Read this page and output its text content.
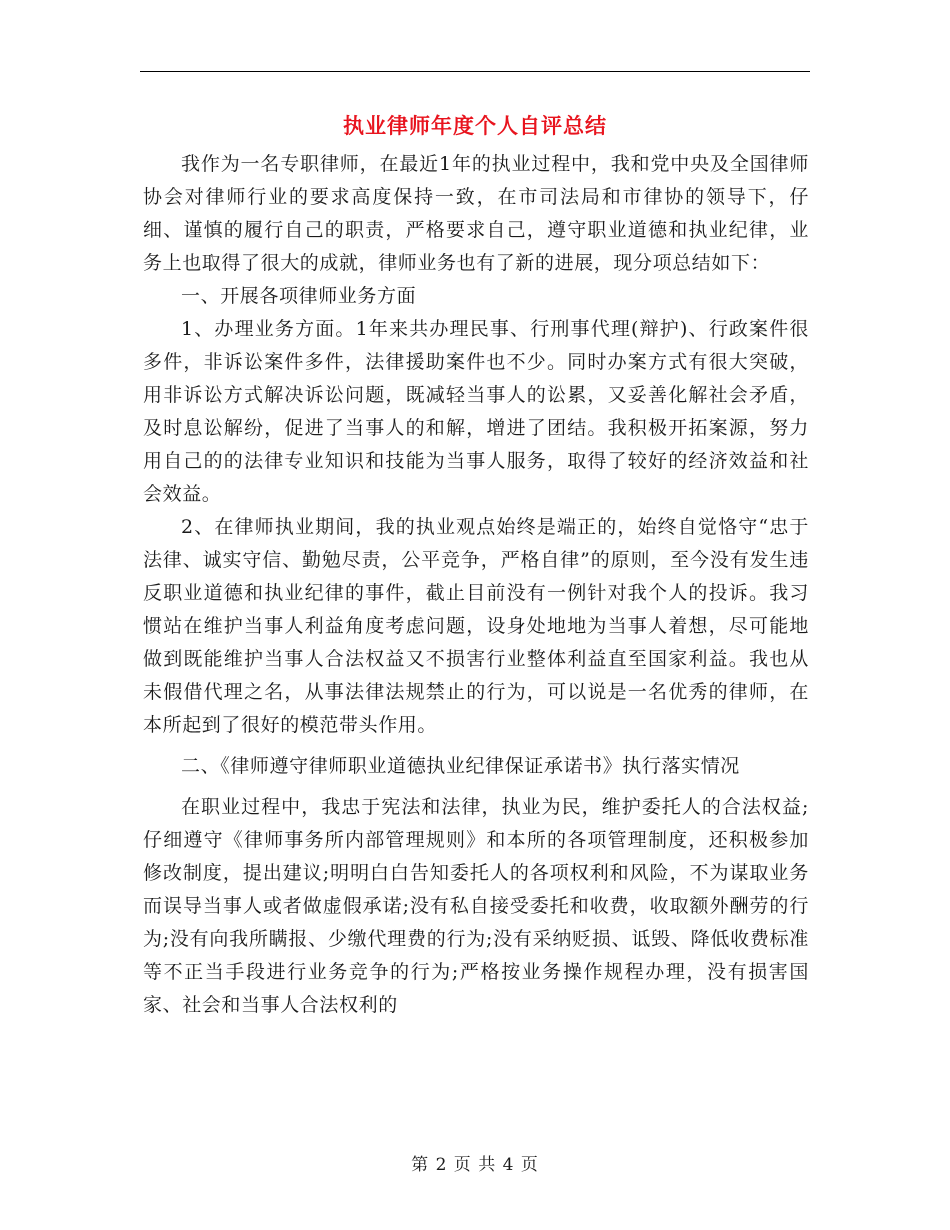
执业律师年度个人自评总结

我作为一名专职律师，在最近1年的执业过程中，我和党中央及全国律师协会对律师行业的要求高度保持一致，在市司法局和市律协的领导下，仔细、谨慎的履行自己的职责，严格要求自己，遵守职业道德和执业纪律，业务上也取得了很大的成就，律师业务也有了新的进展，现分项总结如下：

一、开展各项律师业务方面

1、办理业务方面。1年来共办理民事、行刑事代理(辩护)、行政案件很多件，非诉讼案件多件，法律援助案件也不少。同时办案方式有很大突破，用非诉讼方式解决诉讼问题，既减轻当事人的讼累，又妥善化解社会矛盾，及时息讼解纷，促进了当事人的和解，增进了团结。我积极开拓案源，努力用自己的的法律专业知识和技能为当事人服务，取得了较好的经济效益和社会效益。

2、在律师执业期间，我的执业观点始终是端正的，始终自觉恪守“忠于法律、诚实守信、勤勉尽责，公平竞争，严格自律”的原则，至今没有发生违反职业道德和执业纪律的事件，截止目前没有一例针对我个人的投诉。我习惯站在维护当事人利益角度考虑问题，设身处地地为当事人着想，尽可能地做到既能维护当事人合法权益又不损害行业整体利益直至国家利益。我也从未假借代理之名，从事法律法规禁止的行为，可以说是一名优秀的律师，在本所起到了很好的模范带头作用。

二、《律师遵守律师职业道德执业纪律保证承诺书》执行落实情况

在职业过程中，我忠于宪法和法律，执业为民，维护委托人的合法权益;仔细遵守《律师事务所内部管理规则》和本所的各项管理制度，还积极参加修改制度，提出建议;明明白白告知委托人的各项权利和风险，不为谋取业务而误导当事人或者做虚假承诺;没有私自接受委托和收费，收取额外酬劳的行为;没有向我所瞒报、少缴代理费的行为;没有采纳贬损、诋毁、降低收费标准等不正当手段进行业务竞争的行为;严格按业务操作规程办理，没有损害国家、社会和当事人合法权利的

第 2 页 共 4 页
